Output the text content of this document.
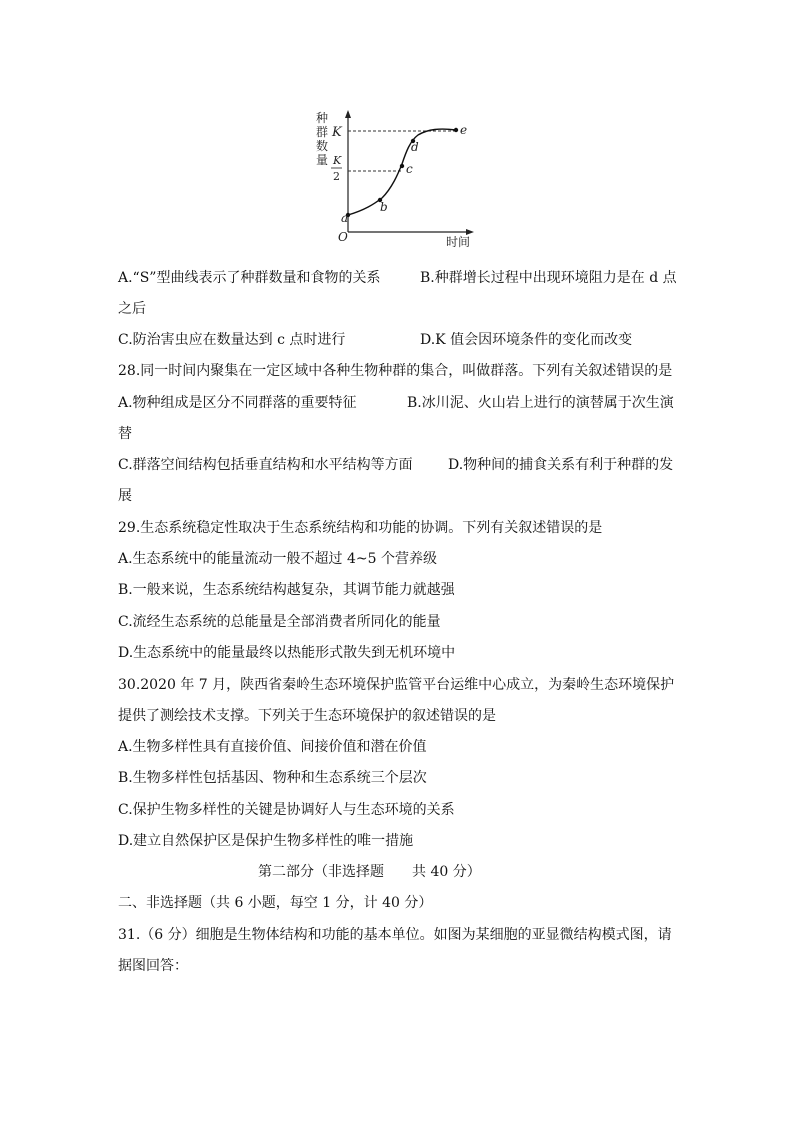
种 群 数 量
K
K
2
O	时间
a
b
c
d
e
A.“S”型曲线表示了种群数量和食物的关系	B.种群增长过程中出现环境阻力是在 d 点
之后
C.防治害虫应在数量达到 c 点时进行	D.K 值会因环境条件的变化而改变
28.同一时间内聚集在一定区域中各种生物种群的集合，叫做群落。下列有关叙述错误的是
A.物种组成是区分不同群落的重要特征	B.冰川泥、火山岩上进行的演替属于次生演
替
C.群落空间结构包括垂直结构和水平结构等方面	D.物种间的捕食关系有利于种群的发
展
29.生态系统稳定性取决于生态系统结构和功能的协调。下列有关叙述错误的是
A.生态系统中的能量流动一般不超过 4~5 个营养级
B.一般来说，生态系统结构越复杂，其调节能力就越强
C.流经生态系统的总能量是全部消费者所同化的能量
D.生态系统中的能量最终以热能形式散失到无机环境中
30.2020 年 7 月，陕西省秦岭生态环境保护监管平台运维中心成立，为秦岭生态环境保护
提供了测绘技术支撑。下列关于生态环境保护的叙述错误的是
A.生物多样性具有直接价值、间接价值和潜在价值
B.生物多样性包括基因、物种和生态系统三个层次
C.保护生物多样性的关键是协调好人与生态环境的关系
D.建立自然保护区是保护生物多样性的唯一措施
第二部分（非选择题　　共 40 分）
二、非选择题（共 6 小题，每空 1 分，计 40 分）
31.（6 分）细胞是生物体结构和功能的基本单位。如图为某细胞的亚显微结构模式图，请
据图回答：
